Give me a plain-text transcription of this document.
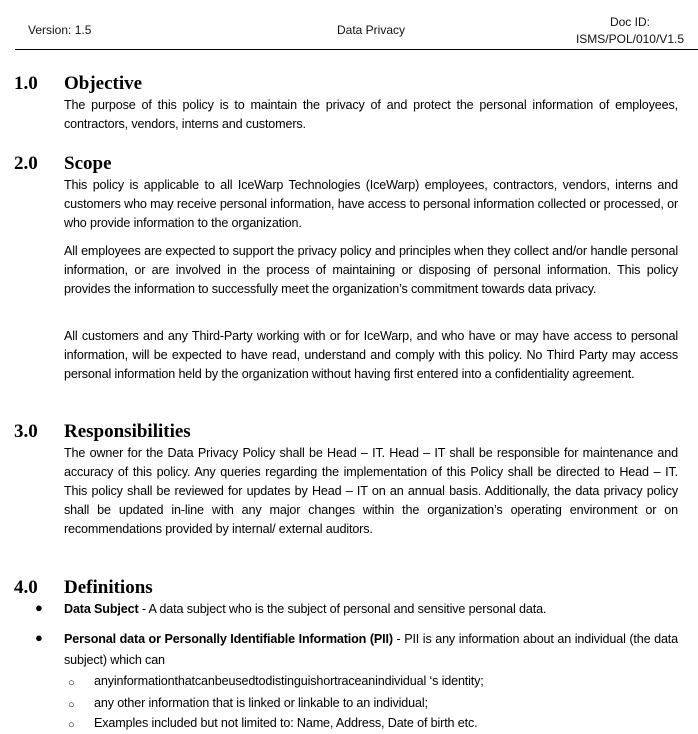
Version: 1.5	Data Privacy
Doc ID:
ISMS/POL/010/V1.5
1.0 Objective
The purpose of this policy is to maintain the privacy of and protect the personal information of employees, contractors, vendors, interns and customers.
2.0 Scope
This policy is applicable to all IceWarp Technologies (IceWarp) employees, contractors, vendors, interns and customers who may receive personal information, have access to personal information collected or processed, or who provide information to the organization.
All employees are expected to support the privacy policy and principles when they collect and/or handle personal information, or are involved in the process of maintaining or disposing of personal information. This policy provides the information to successfully meet the organization’s commitment towards data privacy.
All customers and any Third-Party working with or for IceWarp, and who have or may have access to personal information, will be expected to have read, understand and comply with this policy. No Third Party may access personal information held by the organization without having first entered into a confidentiality agreement.
3.0 Responsibilities
The owner for the Data Privacy Policy shall be Head – IT. Head – IT shall be responsible for maintenance and accuracy of this policy. Any queries regarding the implementation of this Policy shall be directed to Head – IT. This policy shall be reviewed for updates by Head – IT on an annual basis. Additionally, the data privacy policy shall be updated in-line with any major changes within the organization’s operating environment or on recommendations provided by internal/ external auditors.
4.0 Definitions
● Data Subject - A data subject who is the subject of personal and sensitive personal data.
● Personal data or Personally Identifiable Information (PII) - PII is any information about an individual (the data subject) which can
○ anyinformationthatcanbeusedtodistinguishortraceanindividual ‘s identity;
○ any other information that is linked or linkable to an individual;
○ Examples included but not limited to: Name, Address, Date of birth etc.
